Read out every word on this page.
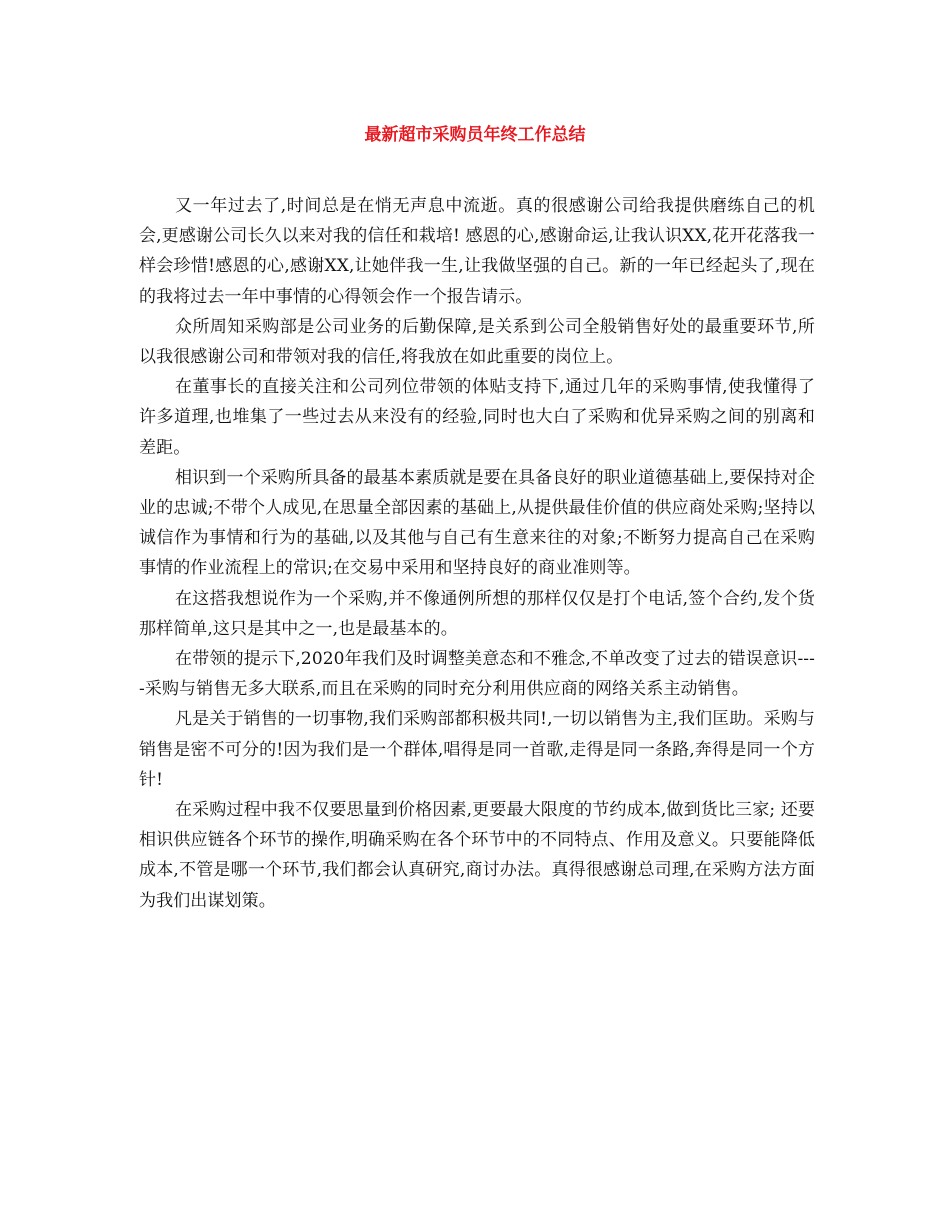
最新超市采购员年终工作总结

又一年过去了,时间总是在悄无声息中流逝。真的很感谢公司给我提供磨练自己的机会,更感谢公司长久以来对我的信任和栽培! 感恩的心,感谢命运,让我认识XX,花开花落我一样会珍惜!感恩的心,感谢XX,让她伴我一生,让我做坚强的自己。新的一年已经起头了,现在的我将过去一年中事情的心得领会作一个报告请示。

众所周知采购部是公司业务的后勤保障,是关系到公司全般销售好处的最重要环节,所以我很感谢公司和带领对我的信任,将我放在如此重要的岗位上。

在董事长的直接关注和公司列位带领的体贴支持下,通过几年的采购事情,使我懂得了许多道理,也堆集了一些过去从来没有的经验,同时也大白了采购和优异采购之间的别离和差距。

相识到一个采购所具备的最基本素质就是要在具备良好的职业道德基础上,要保持对企业的忠诚;不带个人成见,在思量全部因素的基础上,从提供最佳价值的供应商处采购;坚持以诚信作为事情和行为的基础,以及其他与自己有生意来往的对象;不断努力提高自己在采购事情的作业流程上的常识;在交易中采用和坚持良好的商业准则等。

在这搭我想说作为一个采购,并不像通例所想的那样仅仅是打个电话,签个合约,发个货那样简单,这只是其中之一,也是最基本的。

在带领的提示下,2020年我们及时调整美意态和不雅念,不单改变了过去的错误意识----采购与销售无多大联系,而且在采购的同时充分利用供应商的网络关系主动销售。

凡是关于销售的一切事物,我们采购部都积极共同!,一切以销售为主,我们匡助。采购与销售是密不可分的!因为我们是一个群体,唱得是同一首歌,走得是同一条路,奔得是同一个方针!

在采购过程中我不仅要思量到价格因素,更要最大限度的节约成本,做到货比三家; 还要相识供应链各个环节的操作,明确采购在各个环节中的不同特点、作用及意义。只要能降低成本,不管是哪一个环节,我们都会认真研究,商讨办法。真得很感谢总司理,在采购方法方面为我们出谋划策。
